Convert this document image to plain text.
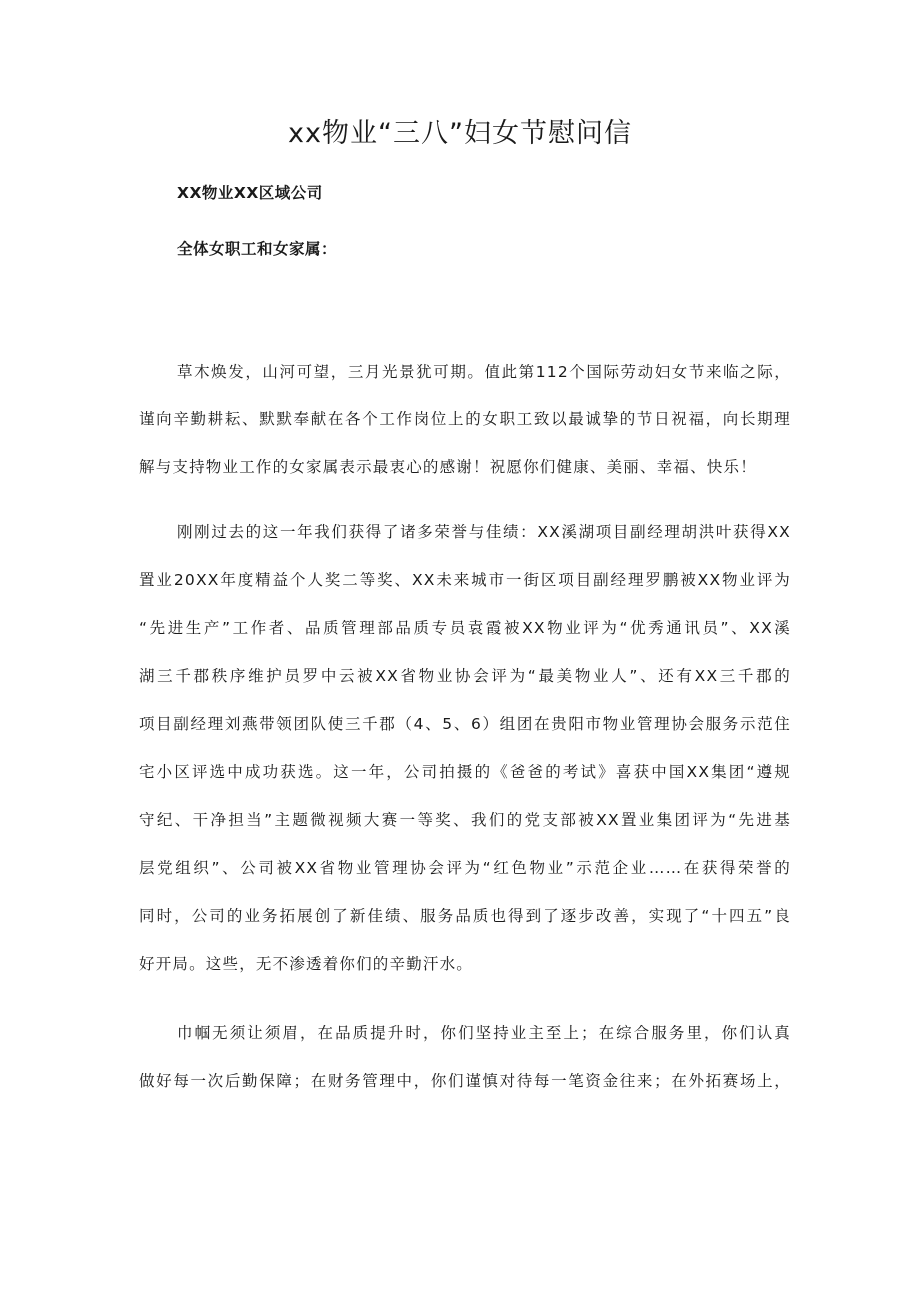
xx物业“三八”妇女节慰问信
XX物业XX区域公司
全体女职工和女家属：
草木焕发，山河可望，三月光景犹可期。值此第112个国际劳动妇女节来临之际，
谨向辛勤耕耘、默默奉献在各个工作岗位上的女职工致以最诚挚的节日祝福，向长期理
解与支持物业工作的女家属表示最衷心的感谢！祝愿你们健康、美丽、幸福、快乐！
刚刚过去的这一年我们获得了诸多荣誉与佳绩：XX溪湖项目副经理胡洪叶获得XX
置业20XX年度精益个人奖二等奖、XX未来城市一街区项目副经理罗鹏被XX物业评为
“先进生产”工作者、品质管理部品质专员袁霞被XX物业评为“优秀通讯员”、XX溪
湖三千郡秩序维护员罗中云被XX省物业协会评为“最美物业人”、还有XX三千郡的
项目副经理刘燕带领团队使三千郡（4、5、6）组团在贵阳市物业管理协会服务示范住
宅小区评选中成功获选。这一年，公司拍摄的《爸爸的考试》喜获中国XX集团“遵规
守纪、干净担当”主题微视频大赛一等奖、我们的党支部被XX置业集团评为“先进基
层党组织”、公司被XX省物业管理协会评为“红色物业”示范企业……在获得荣誉的
同时，公司的业务拓展创了新佳绩、服务品质也得到了逐步改善，实现了“十四五”良
好开局。这些，无不渗透着你们的辛勤汗水。
巾帼无须让须眉，在品质提升时，你们坚持业主至上；在综合服务里，你们认真
做好每一次后勤保障；在财务管理中，你们谨慎对待每一笔资金往来；在外拓赛场上，
